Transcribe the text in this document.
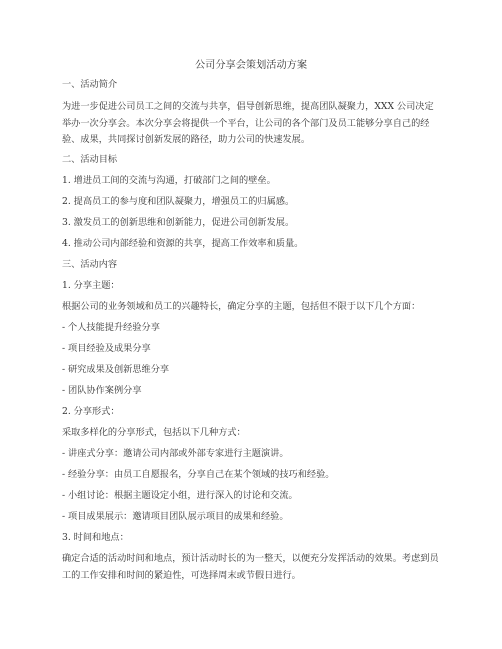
公司分享会策划活动方案
一、活动简介
为进一步促进公司员工之间的交流与共享，倡导创新思维，提高团队凝聚力，XXX 公司决定举办一次分享会。本次分享会将提供一个平台，让公司的各个部门及员工能够分享自己的经验、成果，共同探讨创新发展的路径，助力公司的快速发展。
二、活动目标
1. 增进员工间的交流与沟通，打破部门之间的壁垒。
2. 提高员工的参与度和团队凝聚力，增强员工的归属感。
3. 激发员工的创新思维和创新能力，促进公司创新发展。
4. 推动公司内部经验和资源的共享，提高工作效率和质量。
三、活动内容
1. 分享主题：
根据公司的业务领域和员工的兴趣特长，确定分享的主题，包括但不限于以下几个方面：
- 个人技能提升经验分享
- 项目经验及成果分享
- 研究成果及创新思维分享
- 团队协作案例分享
2. 分享形式：
采取多样化的分享形式，包括以下几种方式：
- 讲座式分享：邀请公司内部或外部专家进行主题演讲。
- 经验分享：由员工自愿报名，分享自己在某个领域的技巧和经验。
- 小组讨论：根据主题设定小组，进行深入的讨论和交流。
- 项目成果展示：邀请项目团队展示项目的成果和经验。
3. 时间和地点：
确定合适的活动时间和地点，预计活动时长的为一整天，以便充分发挥活动的效果。考虑到员工的工作安排和时间的紧迫性，可选择周末或节假日进行。
